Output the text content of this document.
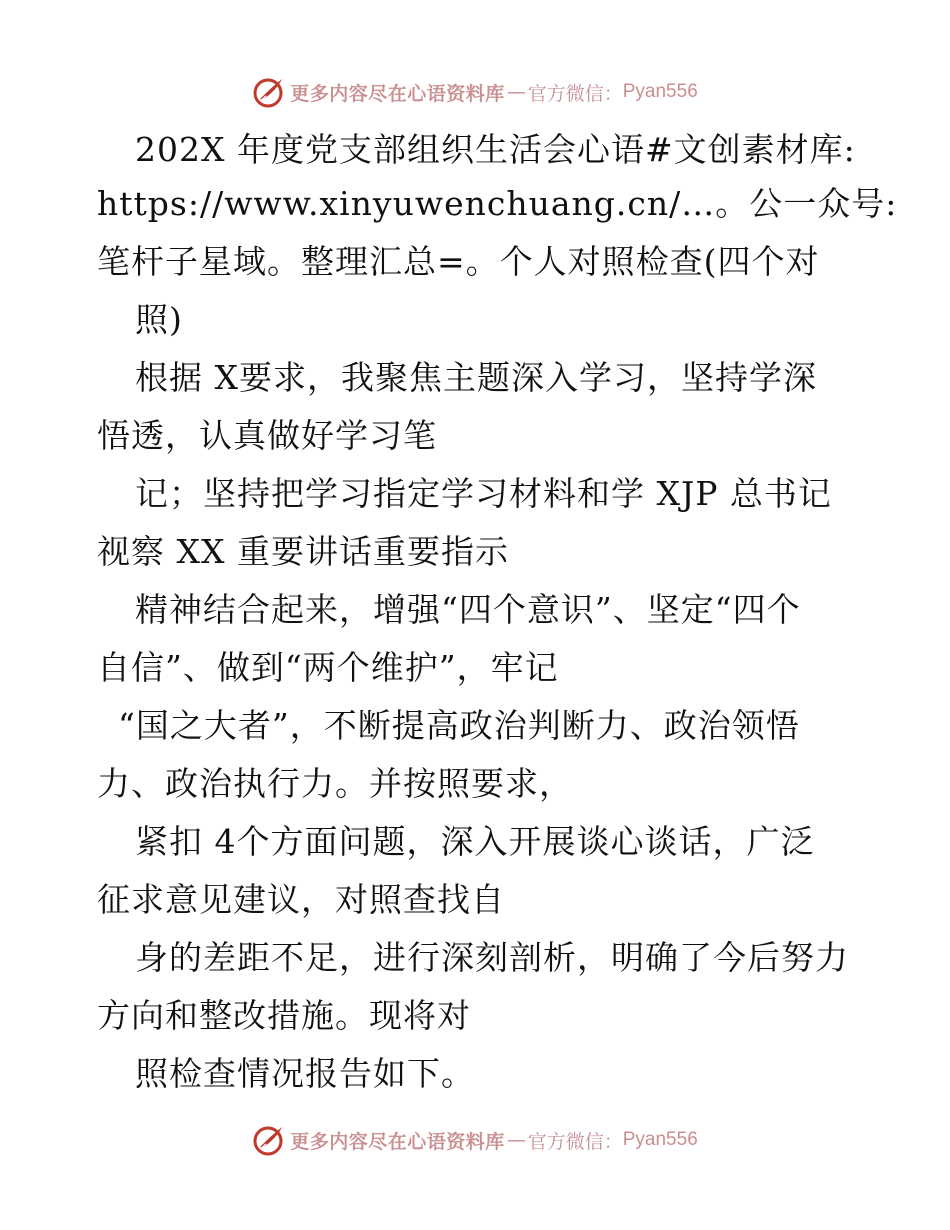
更多内容尽在心语资料库 — 官方微信： Pyan556
202X 年度党支部组织生活会心语#文创素材库:
https://www.xinyuwenchuang.cn/…。公一众号:
笔杆子星域。整理汇总=。个人对照检查(四个对
照)
根据 X要求，我聚焦主题深入学习，坚持学深
悟透，认真做好学习笔
记；坚持把学习指定学习材料和学 XJP 总书记
视察 XX 重要讲话重要指示
精神结合起来，增强“四个意识”、坚定“四个
自信”、做到“两个维护”，牢记
“国之大者”，不断提高政治判断力、政治领悟
力、政治执行力。并按照要求，
紧扣 4个方面问题，深入开展谈心谈话，广泛
征求意见建议，对照查找自
身的差距不足，进行深刻剖析，明确了今后努力
方向和整改措施。现将对
照检查情况报告如下。
更多内容尽在心语资料库 — 官方微信： Pyan556
